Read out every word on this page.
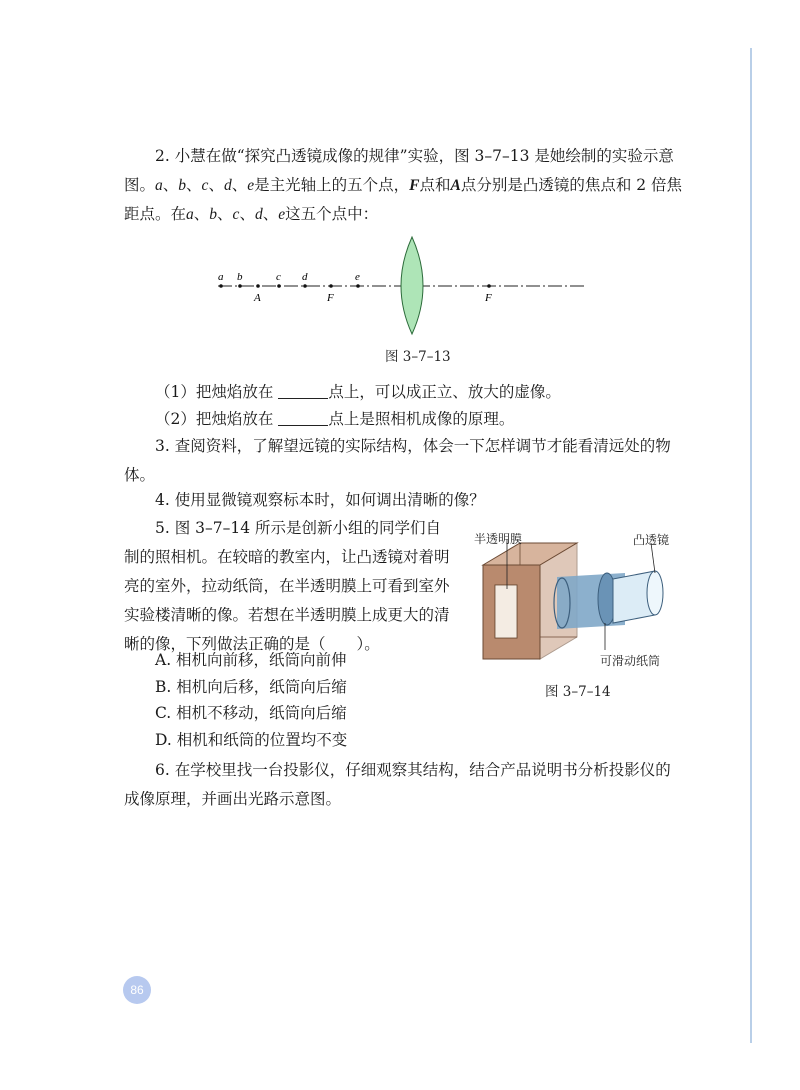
2. 小慧在做“探究凸透镜成像的规律”实验，图 3–7–13 是她绘制的实验示意图。a、b、c、d、e是主光轴上的五个点，F点和A点分别是凸透镜的焦点和 2 倍焦距点。在a、b、c、d、e这五个点中：
a b	c d	e
A	F	F
图 3–7–13
（1）把烛焰放在	点上，可以成正立、放大的虚像。
（2）把烛焰放在	点上是照相机成像的原理。
3. 查阅资料，了解望远镜的实际结构，体会一下怎样调节才能看清远处的物体。
4. 使用显微镜观察标本时，如何调出清晰的像？
5. 图 3–7–14 所示是创新小组的同学们自制的照相机。在较暗的教室内，让凸透镜对着明亮的室外，拉动纸筒，在半透明膜上可看到室外实验楼清晰的像。若想在半透明膜上成更大的清晰的像，下列做法正确的是（　　）。
A. 相机向前移，纸筒向前伸
B. 相机向后移，纸筒向后缩
C. 相机不移动，纸筒向后缩
D. 相机和纸筒的位置均不变
半透明膜	凸透镜
可滑动纸筒
图 3–7–14
6. 在学校里找一台投影仪，仔细观察其结构，结合产品说明书分析投影仪的成像原理，并画出光路示意图。
86
